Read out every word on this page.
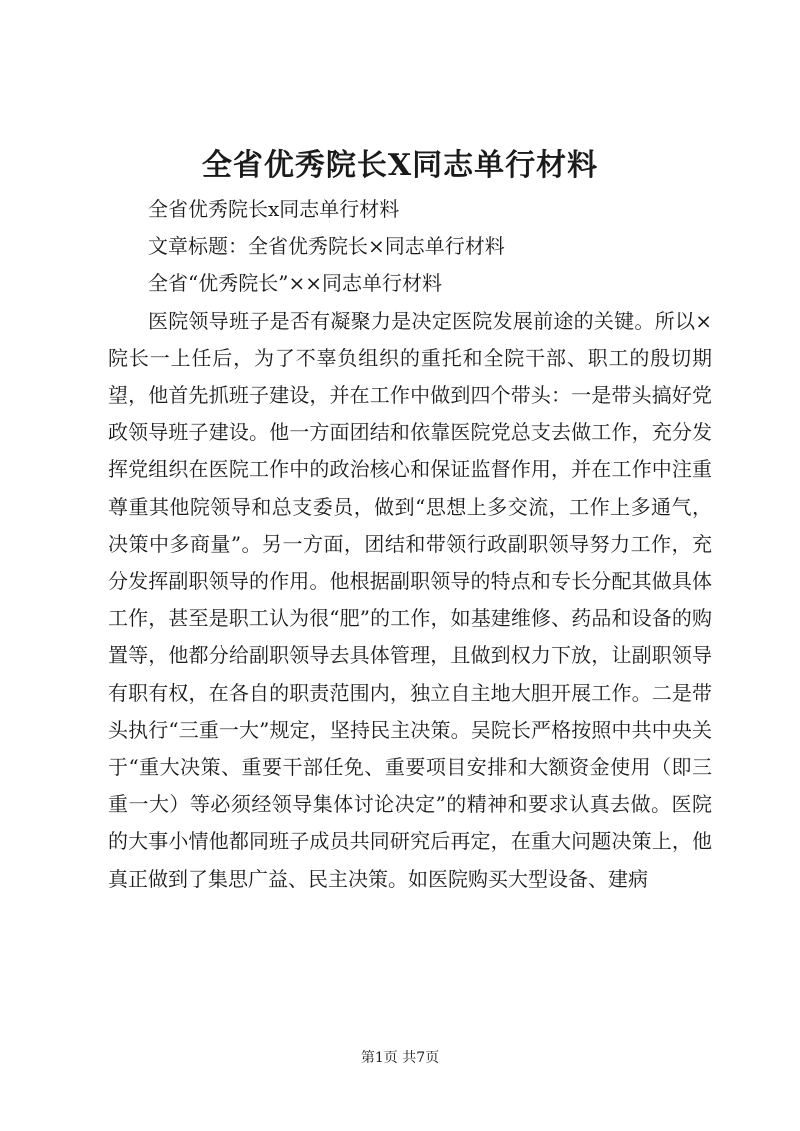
全省优秀院长X同志单行材料

全省优秀院长x同志单行材料

文章标题：全省优秀院长×同志单行材料

全省“优秀院长”××同志单行材料

医院领导班子是否有凝聚力是决定医院发展前途的关键。所以×院长一上任后，为了不辜负组织的重托和全院干部、职工的殷切期望，他首先抓班子建设，并在工作中做到四个带头：一是带头搞好党政领导班子建设。他一方面团结和依靠医院党总支去做工作，充分发挥党组织在医院工作中的政治核心和保证监督作用，并在工作中注重尊重其他院领导和总支委员，做到“思想上多交流，工作上多通气，决策中多商量”。另一方面，团结和带领行政副职领导努力工作，充分发挥副职领导的作用。他根据副职领导的特点和专长分配其做具体工作，甚至是职工认为很“肥”的工作，如基建维修、药品和设备的购置等，他都分给副职领导去具体管理，且做到权力下放，让副职领导有职有权，在各自的职责范围内，独立自主地大胆开展工作。二是带头执行“三重一大”规定，坚持民主决策。吴院长严格按照中共中央关于“重大决策、重要干部任免、重要项目安排和大额资金使用（即三重一大）等必须经领导集体讨论决定”的精神和要求认真去做。医院的大事小情他都同班子成员共同研究后再定，在重大问题决策上，他真正做到了集思广益、民主决策。如医院购买大型设备、建病

第1页 共7页
